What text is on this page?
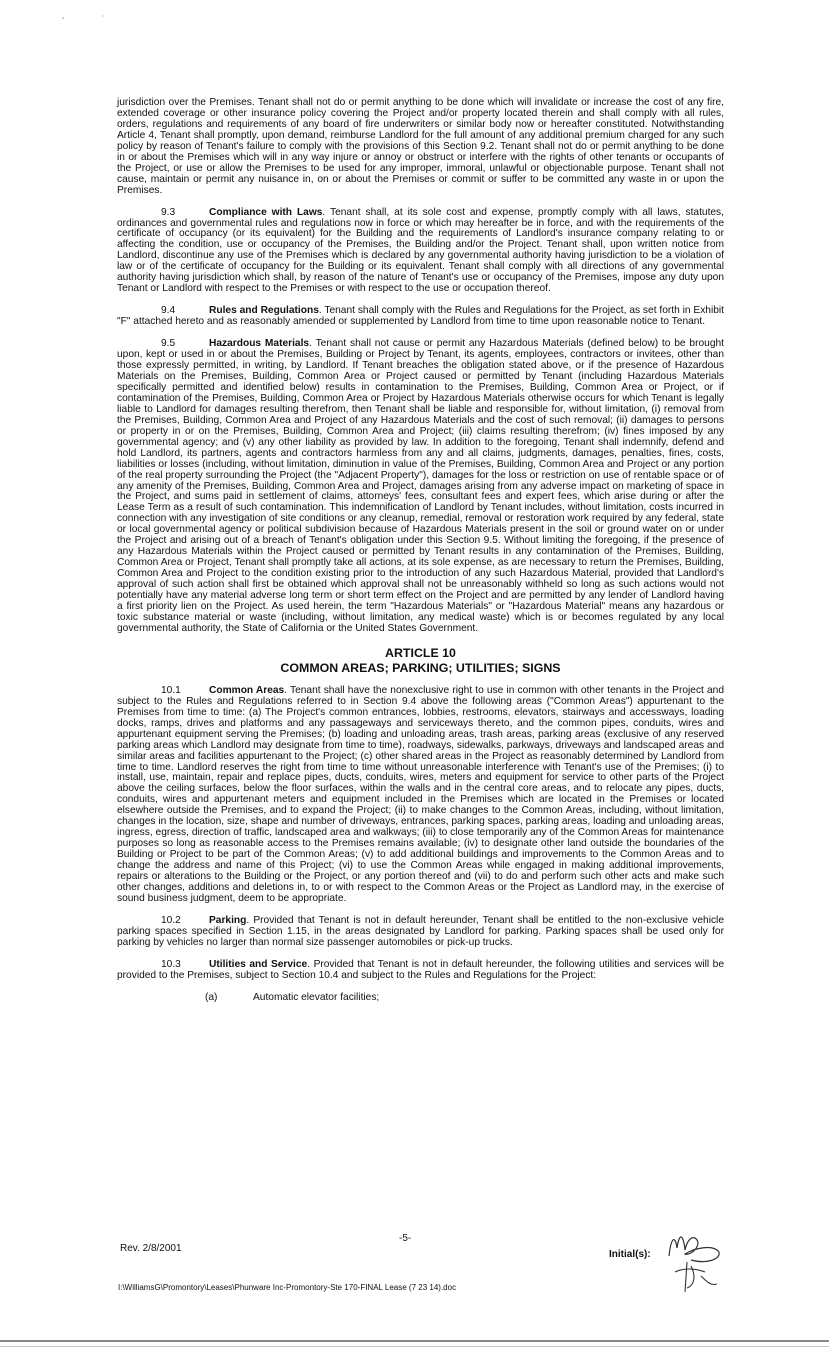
jurisdiction over the Premises. Tenant shall not do or permit anything to be done which will invalidate or increase the cost of any fire, extended coverage or other insurance policy covering the Project and/or property located therein and shall comply with all rules, orders, regulations and requirements of any board of fire underwriters or similar body now or hereafter constituted. Notwithstanding Article 4, Tenant shall promptly, upon demand, reimburse Landlord for the full amount of any additional premium charged for any such policy by reason of Tenant's failure to comply with the provisions of this Section 9.2. Tenant shall not do or permit anything to be done in or about the Premises which will in any way injure or annoy or obstruct or interfere with the rights of other tenants or occupants of the Project, or use or allow the Premises to be used for any improper, immoral, unlawful or objectionable purpose. Tenant shall not cause, maintain or permit any nuisance in, on or about the Premises or commit or suffer to be committed any waste in or upon the Premises.

9.3	Compliance with Laws. Tenant shall, at its sole cost and expense, promptly comply with all laws, statutes, ordinances and governmental rules and regulations now in force or which may hereafter be in force, and with the requirements of the certificate of occupancy (or its equivalent) for the Building and the requirements of Landlord's insurance company relating to or affecting the condition, use or occupancy of the Premises, the Building and/or the Project. Tenant shall, upon written notice from Landlord, discontinue any use of the Premises which is declared by any governmental authority having jurisdiction to be a violation of law or of the certificate of occupancy for the Building or its equivalent. Tenant shall comply with all directions of any governmental authority having jurisdiction which shall, by reason of the nature of Tenant's use or occupancy of the Premises, impose any duty upon Tenant or Landlord with respect to the Premises or with respect to the use or occupation thereof.

9.4	Rules and Regulations. Tenant shall comply with the Rules and Regulations for the Project, as set forth in Exhibit "F" attached hereto and as reasonably amended or supplemented by Landlord from time to time upon reasonable notice to Tenant.

9.5	Hazardous Materials. Tenant shall not cause or permit any Hazardous Materials (defined below) to be brought upon, kept or used in or about the Premises, Building or Project by Tenant, its agents, employees, contractors or invitees, other than those expressly permitted, in writing, by Landlord. If Tenant breaches the obligation stated above, or if the presence of Hazardous Materials on the Premises, Building, Common Area or Project caused or permitted by Tenant (including Hazardous Materials specifically permitted and identified below) results in contamination to the Premises, Building, Common Area or Project, or if contamination of the Premises, Building, Common Area or Project by Hazardous Materials otherwise occurs for which Tenant is legally liable to Landlord for damages resulting therefrom, then Tenant shall be liable and responsible for, without limitation, (i) removal from the Premises, Building, Common Area and Project of any Hazardous Materials and the cost of such removal; (ii) damages to persons or property in or on the Premises, Building, Common Area and Project; (iii) claims resulting therefrom; (iv) fines imposed by any governmental agency; and (v) any other liability as provided by law. In addition to the foregoing, Tenant shall indemnify, defend and hold Landlord, its partners, agents and contractors harmless from any and all claims, judgments, damages, penalties, fines, costs, liabilities or losses (including, without limitation, diminution in value of the Premises, Building, Common Area and Project or any portion of the real property surrounding the Project (the "Adjacent Property"), damages for the loss or restriction on use of rentable space or of any amenity of the Premises, Building, Common Area and Project, damages arising from any adverse impact on marketing of space in the Project, and sums paid in settlement of claims, attorneys' fees, consultant fees and expert fees, which arise during or after the Lease Term as a result of such contamination. This indemnification of Landlord by Tenant includes, without limitation, costs incurred in connection with any investigation of site conditions or any cleanup, remedial, removal or restoration work required by any federal, state or local governmental agency or political subdivision because of Hazardous Materials present in the soil or ground water on or under the Project and arising out of a breach of Tenant's obligation under this Section 9.5. Without limiting the foregoing, if the presence of any Hazardous Materials within the Project caused or permitted by Tenant results in any contamination of the Premises, Building, Common Area or Project, Tenant shall promptly take all actions, at its sole expense, as are necessary to return the Premises, Building, Common Area and Project to the condition existing prior to the introduction of any such Hazardous Material, provided that Landlord's approval of such action shall first be obtained which approval shall not be unreasonably withheld so long as such actions would not potentially have any material adverse long term or short term effect on the Project and are permitted by any lender of Landlord having a first priority lien on the Project. As used herein, the term "Hazardous Materials" or "Hazardous Material" means any hazardous or toxic substance material or waste (including, without limitation, any medical waste) which is or becomes regulated by any local governmental authority, the State of California or the United States Government.

ARTICLE 10
COMMON AREAS; PARKING; UTILITIES; SIGNS

10.1	Common Areas. Tenant shall have the nonexclusive right to use in common with other tenants in the Project and subject to the Rules and Regulations referred to in Section 9.4 above the following areas ("Common Areas") appurtenant to the Premises from time to time: (a) The Project's common entrances, lobbies, restrooms, elevators, stairways and accessways, loading docks, ramps, drives and platforms and any passageways and serviceways thereto, and the common pipes, conduits, wires and appurtenant equipment serving the Premises; (b) loading and unloading areas, trash areas, parking areas (exclusive of any reserved parking areas which Landlord may designate from time to time), roadways, sidewalks, parkways, driveways and landscaped areas and similar areas and facilities appurtenant to the Project; (c) other shared areas in the Project as reasonably determined by Landlord from time to time. Landlord reserves the right from time to time without unreasonable interference with Tenant's use of the Premises; (i) to install, use, maintain, repair and replace pipes, ducts, conduits, wires, meters and equipment for service to other parts of the Project above the ceiling surfaces, below the floor surfaces, within the walls and in the central core areas, and to relocate any pipes, ducts, conduits, wires and appurtenant meters and equipment included in the Premises which are located in the Premises or located elsewhere outside the Premises, and to expand the Project; (ii) to make changes to the Common Areas, including, without limitation, changes in the location, size, shape and number of driveways, entrances, parking spaces, parking areas, loading and unloading areas, ingress, egress, direction of traffic, landscaped area and walkways; (iii) to close temporarily any of the Common Areas for maintenance purposes so long as reasonable access to the Premises remains available; (iv) to designate other land outside the boundaries of the Building or Project to be part of the Common Areas; (v) to add additional buildings and improvements to the Common Areas and to change the address and name of this Project; (vi) to use the Common Areas while engaged in making additional improvements, repairs or alterations to the Building or the Project, or any portion thereof and (vii) to do and perform such other acts and make such other changes, additions and deletions in, to or with respect to the Common Areas or the Project as Landlord may, in the exercise of sound business judgment, deem to be appropriate.

10.2	Parking. Provided that Tenant is not in default hereunder, Tenant shall be entitled to the non-exclusive vehicle parking spaces specified in Section 1.15, in the areas designated by Landlord for parking. Parking spaces shall be used only for parking by vehicles no larger than normal size passenger automobiles or pick-up trucks.

10.3	Utilities and Service. Provided that Tenant is not in default hereunder, the following utilities and services will be provided to the Premises, subject to Section 10.4 and subject to the Rules and Regulations for the Project:

(a)	Automatic elevator facilities;
-5-
Rev. 2/8/2001
Initial(s):
I:\WilliamsG\Promontory\Leases\Phunware Inc-Promontory-Ste 170-FINAL Lease (7 23 14).doc
